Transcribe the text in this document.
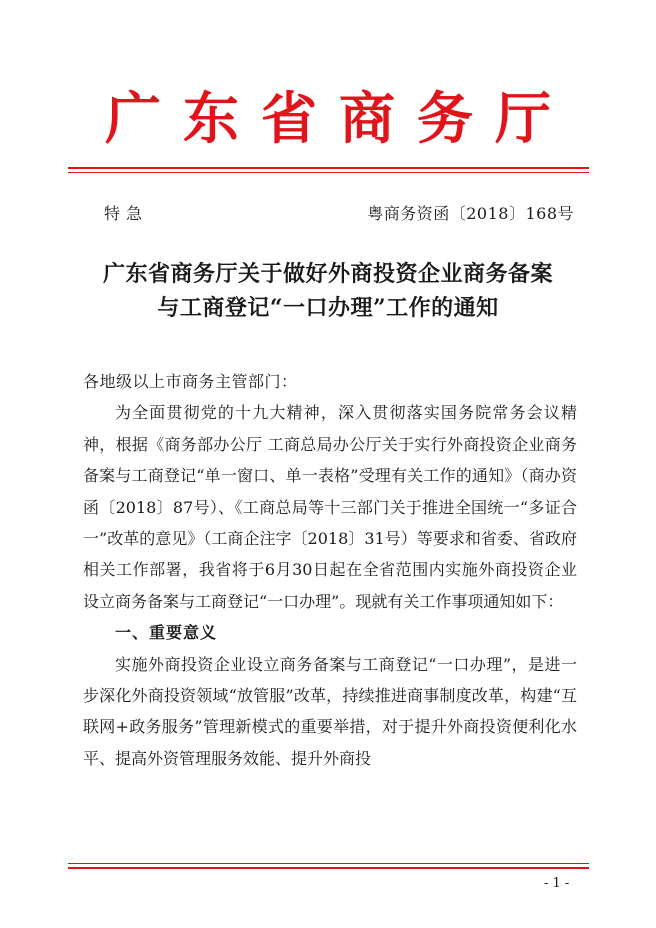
广东省商务厅
特急	粤商务资函〔2018〕168号
广东省商务厅关于做好外商投资企业商务备案
与工商登记“一口办理”工作的通知

各地级以上市商务主管部门：

为全面贯彻党的十九大精神，深入贯彻落实国务院常务会议精神，根据《商务部办公厅 工商总局办公厅关于实行外商投资企业商务备案与工商登记“单一窗口、单一表格”受理有关工作的通知》（商办资函〔2018〕87号）、《工商总局等十三部门关于推进全国统一“多证合一”改革的意见》（工商企注字〔2018〕31号）等要求和省委、省政府相关工作部署，我省将于6月30日起在全省范围内实施外商投资企业设立商务备案与工商登记“一口办理”。现就有关工作事项通知如下：

一、重要意义

实施外商投资企业设立商务备案与工商登记“一口办理”，是进一步深化外商投资领域“放管服”改革，持续推进商事制度改革，构建“互联网+政务服务”管理新模式的重要举措，对于提升外商投资便利化水平、提高外资管理服务效能、提升外商投

- 1 -
